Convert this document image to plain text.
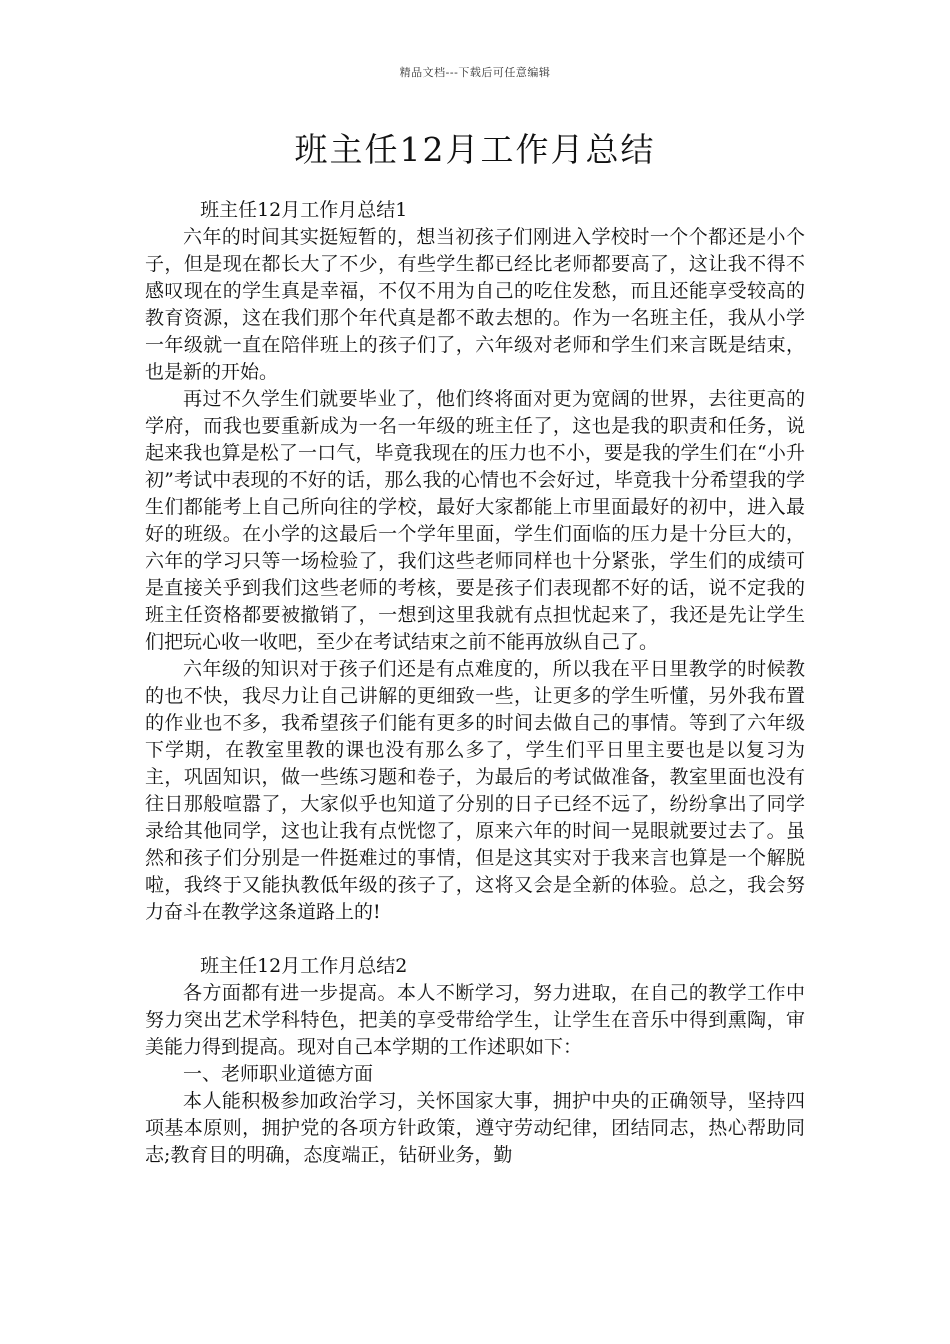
精品文档---下载后可任意编辑
班主任12月工作月总结

班主任12月工作月总结1

六年的时间其实挺短暂的，想当初孩子们刚进入学校时一个个都还是小个子，但是现在都长大了不少，有些学生都已经比老师都要高了，这让我不得不感叹现在的学生真是幸福，不仅不用为自己的吃住发愁，而且还能享受较高的教育资源，这在我们那个年代真是都不敢去想的。作为一名班主任，我从小学一年级就一直在陪伴班上的孩子们了，六年级对老师和学生们来言既是结束，也是新的开始。

再过不久学生们就要毕业了，他们终将面对更为宽阔的世界，去往更高的学府，而我也要重新成为一名一年级的班主任了，这也是我的职责和任务，说起来我也算是松了一口气，毕竟我现在的压力也不小，要是我的学生们在“小升初”考试中表现的不好的话，那么我的心情也不会好过，毕竟我十分希望我的学生们都能考上自己所向往的学校，最好大家都能上市里面最好的初中，进入最好的班级。在小学的这最后一个学年里面，学生们面临的压力是十分巨大的，六年的学习只等一场检验了，我们这些老师同样也十分紧张，学生们的成绩可是直接关乎到我们这些老师的考核，要是孩子们表现都不好的话，说不定我的班主任资格都要被撤销了，一想到这里我就有点担忧起来了，我还是先让学生们把玩心收一收吧，至少在考试结束之前不能再放纵自己了。

六年级的知识对于孩子们还是有点难度的，所以我在平日里教学的时候教的也不快，我尽力让自己讲解的更细致一些，让更多的学生听懂，另外我布置的作业也不多，我希望孩子们能有更多的时间去做自己的事情。等到了六年级下学期，在教室里教的课也没有那么多了，学生们平日里主要也是以复习为主，巩固知识，做一些练习题和卷子，为最后的考试做准备，教室里面也没有往日那般喧嚣了，大家似乎也知道了分别的日子已经不远了，纷纷拿出了同学录给其他同学，这也让我有点恍惚了，原来六年的时间一晃眼就要过去了。虽然和孩子们分别是一件挺难过的事情，但是这其实对于我来言也算是一个解脱啦，我终于又能执教低年级的孩子了，这将又会是全新的体验。总之，我会努力奋斗在教学这条道路上的!

班主任12月工作月总结2

各方面都有进一步提高。本人不断学习，努力进取，在自己的教学工作中努力突出艺术学科特色，把美的享受带给学生，让学生在音乐中得到熏陶，审美能力得到提高。现对自己本学期的工作述职如下：

一、老师职业道德方面

本人能积极参加政治学习，关怀国家大事，拥护中央的正确领导，坚持四项基本原则，拥护党的各项方针政策，遵守劳动纪律，团结同志，热心帮助同志;教育目的明确，态度端正，钻研业务，勤
